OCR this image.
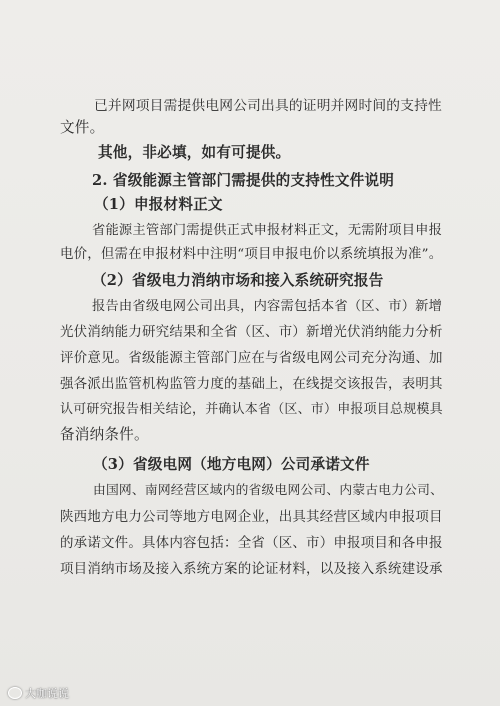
已并网项目需提供电网公司出具的证明并网时间的支持性
文件。
其他，非必填，如有可提供。
2. 省级能源主管部门需提供的支持性文件说明
（1）申报材料正文
省能源主管部门需提供正式申报材料正文，无需附项目申报
电价，但需在申报材料中注明“项目申报电价以系统填报为准”。
（2）省级电力消纳市场和接入系统研究报告
报告由省级电网公司出具，内容需包括本省（区、市）新增
光伏消纳能力研究结果和全省（区、市）新增光伏消纳能力分析
评价意见。省级能源主管部门应在与省级电网公司充分沟通、加
强各派出监管机构监管力度的基础上，在线提交该报告，表明其
认可研究报告相关结论，并确认本省（区、市）申报项目总规模具
备消纳条件。
（3）省级电网（地方电网）公司承诺文件
由国网、南网经营区域内的省级电网公司、内蒙古电力公司、
陕西地方电力公司等地方电网企业，出具其经营区域内申报项目
的承诺文件。具体内容包括：全省（区、市）申报项目和各申报
项目消纳市场及接入系统方案的论证材料，以及接入系统建设承
大咖说说
